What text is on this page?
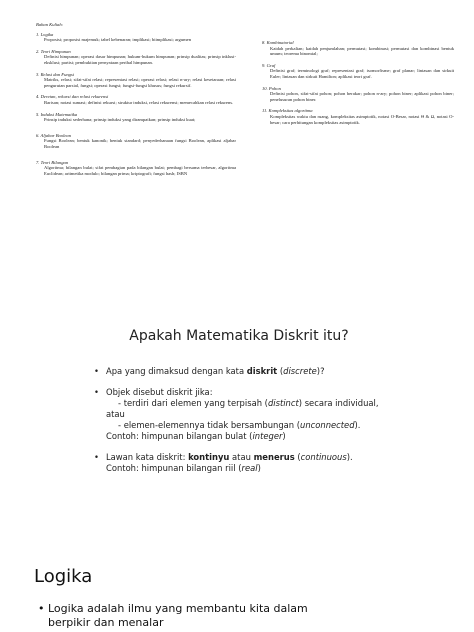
Bahan Kuliah:
1. Logika
Proposisi; proposisi majemuk; tabel kebenaran; implikasi; biimplikasi; argumen
2. Teori Himpunan
Definisi himpunan; operasi dasar himpunan; hukum-hukum himpunan; prinsip dualitas; prinsip inklusi-eksklusi; partisi; pembuktian pernyataan perihal himpunan.
3. Relasi dan Fungsi
Matriks, relasi; sifat-sifat relasi; representasi relasi; operasi relasi; relasi n-ary; relasi kesetaraan; relasi pengurutan parsial, fungsi; operasi fungsi; fungsi-fungsi khusus; fungsi rekursif.
4. Deretan, rekursi dan relasi rekurensi
Barisan; notasi sumasi; definisi rekursi; struktur induksi, relasi rekurensi; memecahkan relasi rekurens.
5. Induksi Matematika
Prinsip induksi sederhana; prinsip induksi yang dirampatkan; prinsip induksi kuat;
6. Aljabar Boolean
Fungsi Boolean; bentuk kanonik; bentuk standard; penyederhanaan fungsi Boolean, aplikasi aljabar Boolean
7. Teori Bilangan
Algoritma; bilangan bulat; sifat pembagian pada bilangan bulat; pembagi bersama terbesar, algoritma Euclidean; aritmetika modulo; bilangan prima; kriptografi; fungsi hash; ISBN
8. Kombinatorial
Kaidah perkalian; kaidah penjumlahan; permutasi; kombinasi; permutasi dan kombinasi bentuk umum; teorema binomial;
9. Graf
Definisi graf; terminologi graf; representasi graf; isomorfisme; graf planar; lintasan dan sirkuit Euler; lintasan dan sirkuit Hamilton; aplikasi teori graf.
10. Pohon
Definisi pohon, sifat-sifat pohon; pohon berakar; pohon n-ary; pohon biner; aplikasi pohon biner; penelusuran pohon biner.
11. Kompleksitas algoritma
Kompleksitas waktu dan ruang, kompleksitas asimptotik, notasi O-Besar, notasi Θ & Ω, notasi O-besar; cara perhitungan kompleksitas asimptotik.
Apakah Matematika Diskrit itu?
• Apa yang dimaksud dengan kata diskrit (discrete)?
• Objek disebut diskrit jika:
- terdiri dari elemen yang terpisah (distinct) secara individual,
atau
- elemen-elemennya tidak bersambungan (unconnected).
Contoh: himpunan bilangan bulat (integer)
• Lawan kata diskrit: kontinyu atau menerus (continuous).
Contoh: himpunan bilangan riil (real)
Logika
• Logika adalah ilmu yang membantu kita dalam berpikir dan menalar
